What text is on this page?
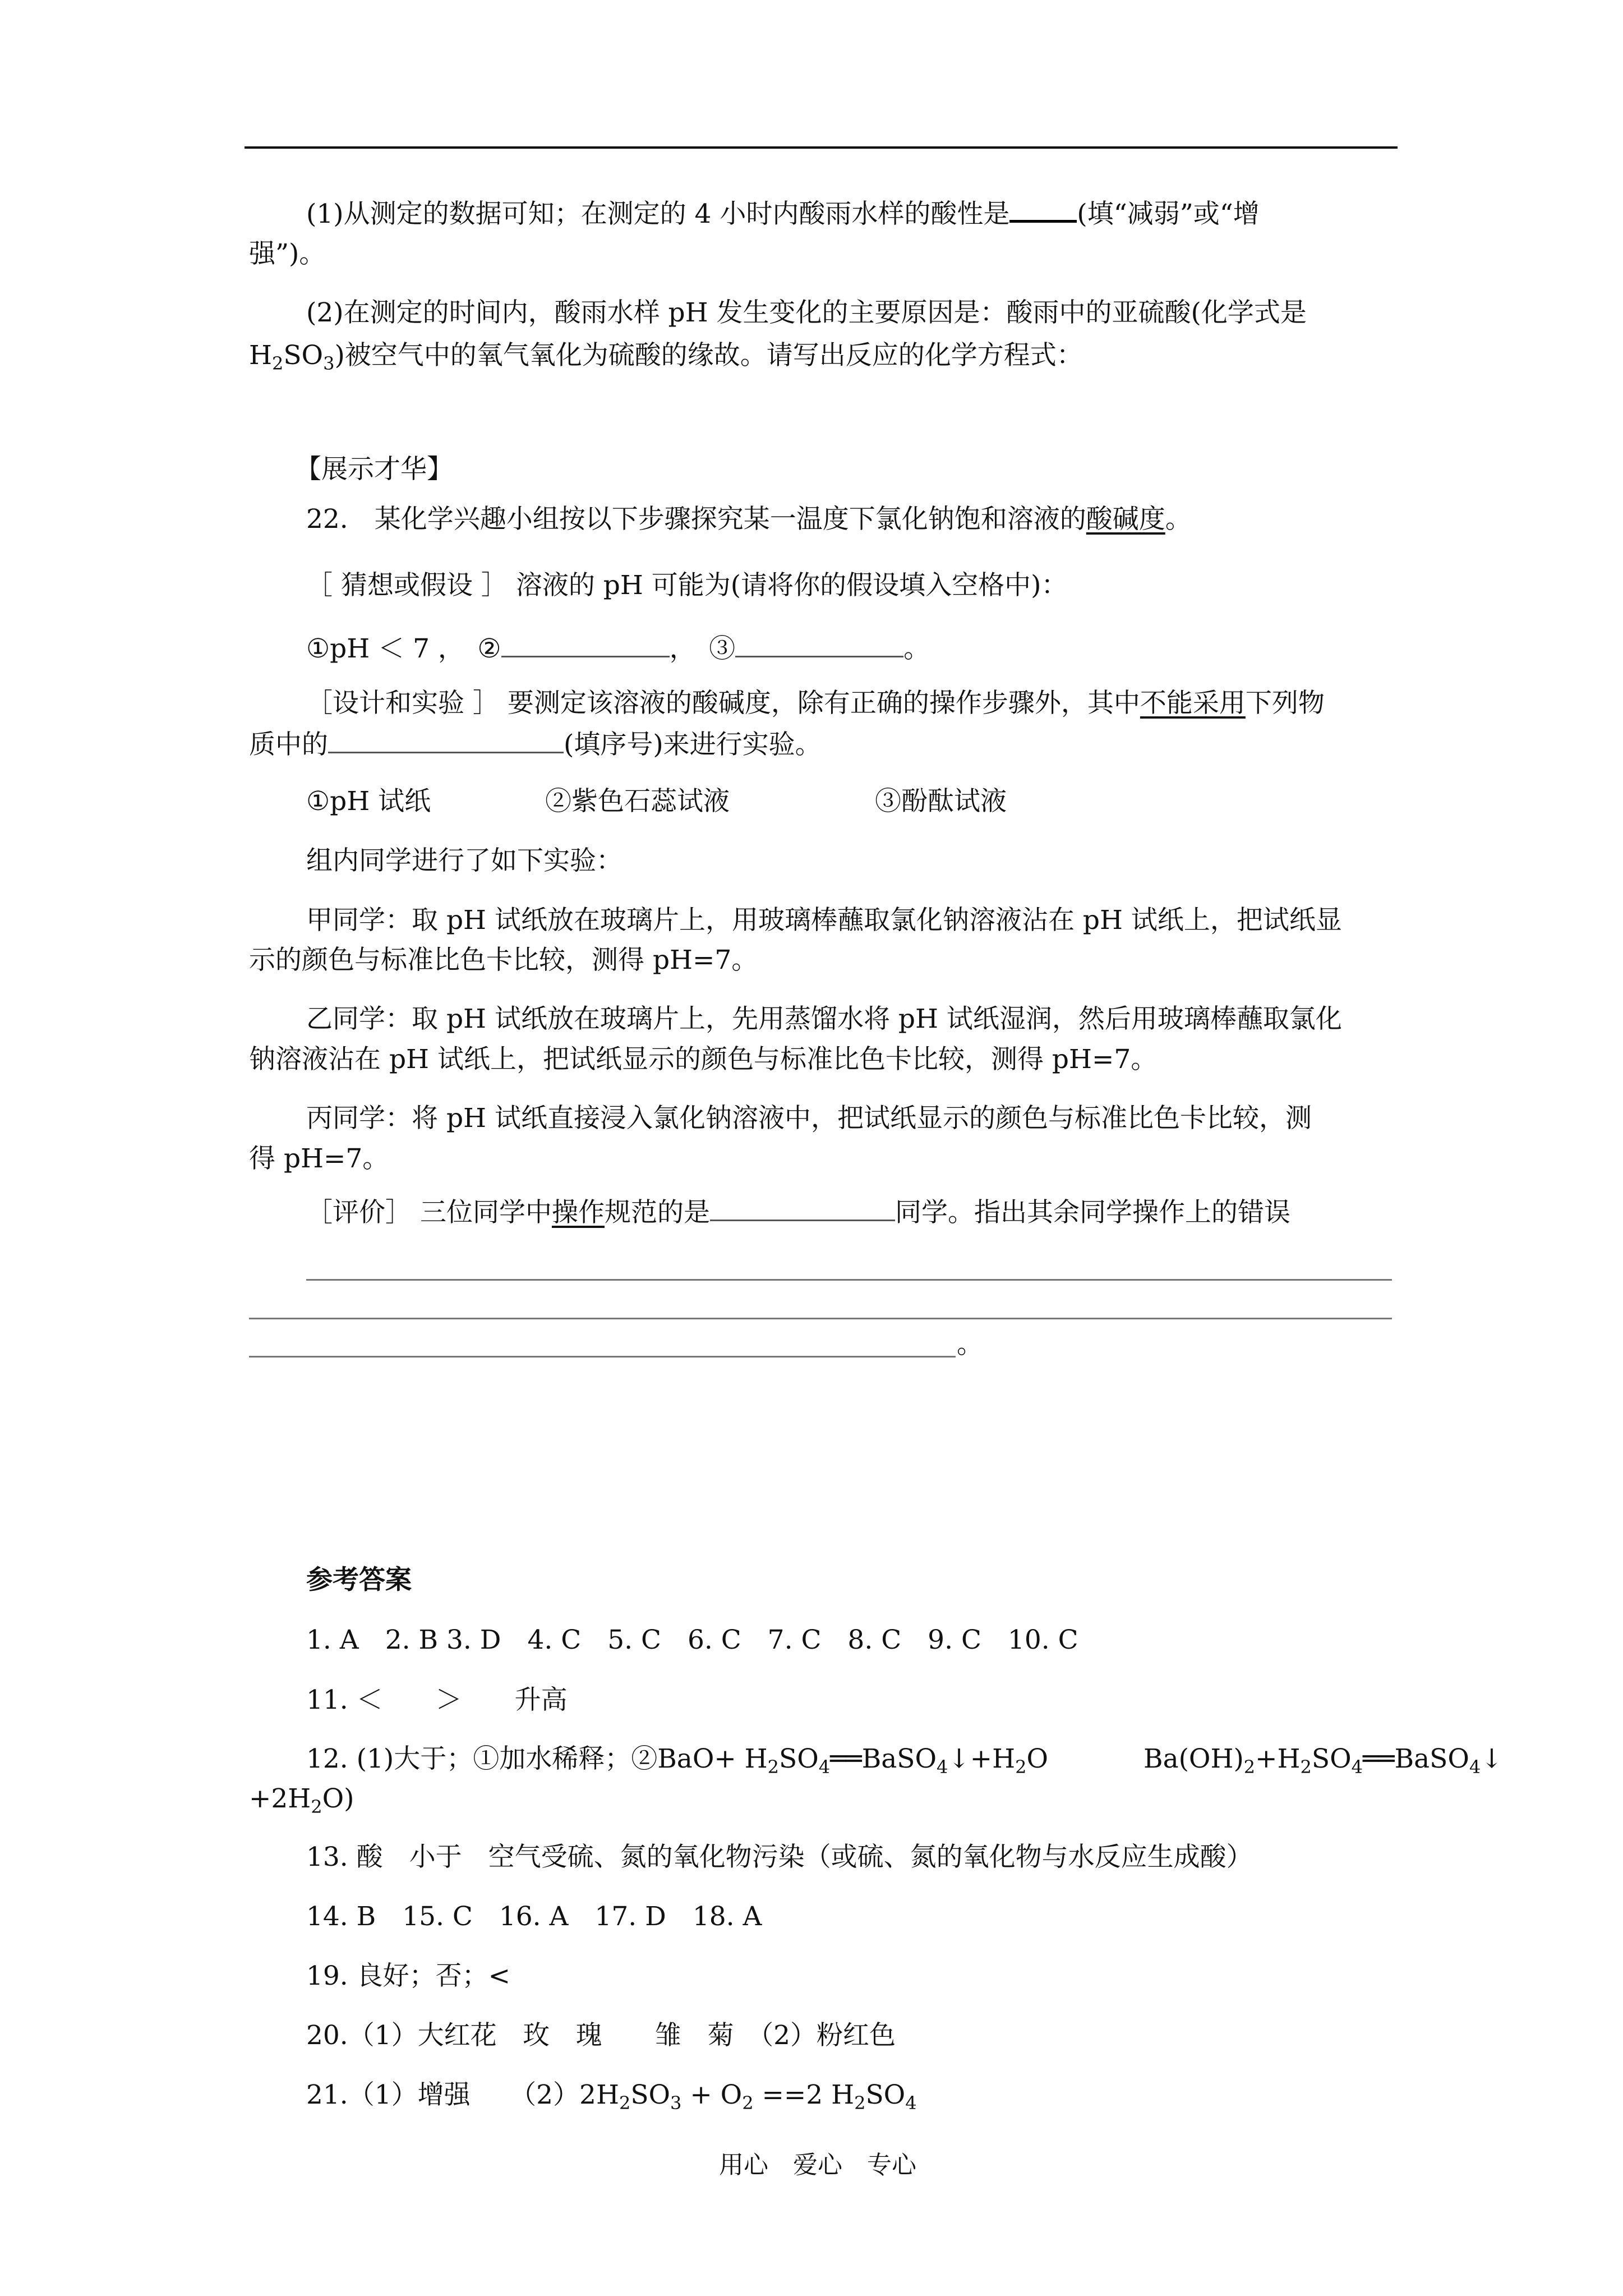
(1)从测定的数据可知；在测定的 4 小时内酸雨水样的酸性是	(填“减弱”或“增
强”)。
(2)在测定的时间内，酸雨水样 pH 发生变化的主要原因是：酸雨中的亚硫酸(化学式是
$H_2SO_3$)被空气中的氧气氧化为硫酸的缘故。请写出反应的化学方程式：
【展示才华】
22.　某化学兴趣小组按以下步骤探究某一温度下氯化钠饱和溶液的酸碱度。
［ 猜想或假设 ］ 溶液的 pH 可能为(请将你的假设填入空格中)：
①pH ＜ 7 ，　②	，　③	。
［设计和实验 ］ 要测定该溶液的酸碱度，除有正确的操作步骤外，其中不能采用下列物
质中的	(填序号)来进行实验。
①pH 试纸	②紫色石蕊试液	③酚酞试液
组内同学进行了如下实验：
甲同学：取 pH 试纸放在玻璃片上，用玻璃棒蘸取氯化钠溶液沾在 pH 试纸上，把试纸显
示的颜色与标准比色卡比较，测得 pH=7。
乙同学：取 pH 试纸放在玻璃片上，先用蒸馏水将 pH 试纸湿润，然后用玻璃棒蘸取氯化
钠溶液沾在 pH 试纸上，把试纸显示的颜色与标准比色卡比较，测得 pH=7。
丙同学：将 pH 试纸直接浸入氯化钠溶液中，把试纸显示的颜色与标准比色卡比较，测
得 pH=7。
［评价］ 三位同学中操作规范的是	同学。指出其余同学操作上的错误
。
参考答案
1. A　2. B 3. D　4. C　5. C　6. C　7. C　8. C　9. C　10. C
11. ＜　　＞　　升高
12. (1)大于；①加水稀释；②BaO+ $H_2SO_4══BaSO_4↓+H_2O$	$Ba(OH)_2+H_2SO_4══BaSO_4↓$
$+2H_2O$)
13. 酸　小于　空气受硫、氮的氧化物污染（或硫、氮的氧化物与水反应生成酸）
14. B　15. C　16. A　17. D　18. A
19. 良好；否；<
20.（1）大红花　玫　瑰　　雏　菊　（2）粉红色
21.（1）增强　　$(2)2H_2SO_3 + O_2 ==2$ $H_2SO_4$
用心　爱心　专心
